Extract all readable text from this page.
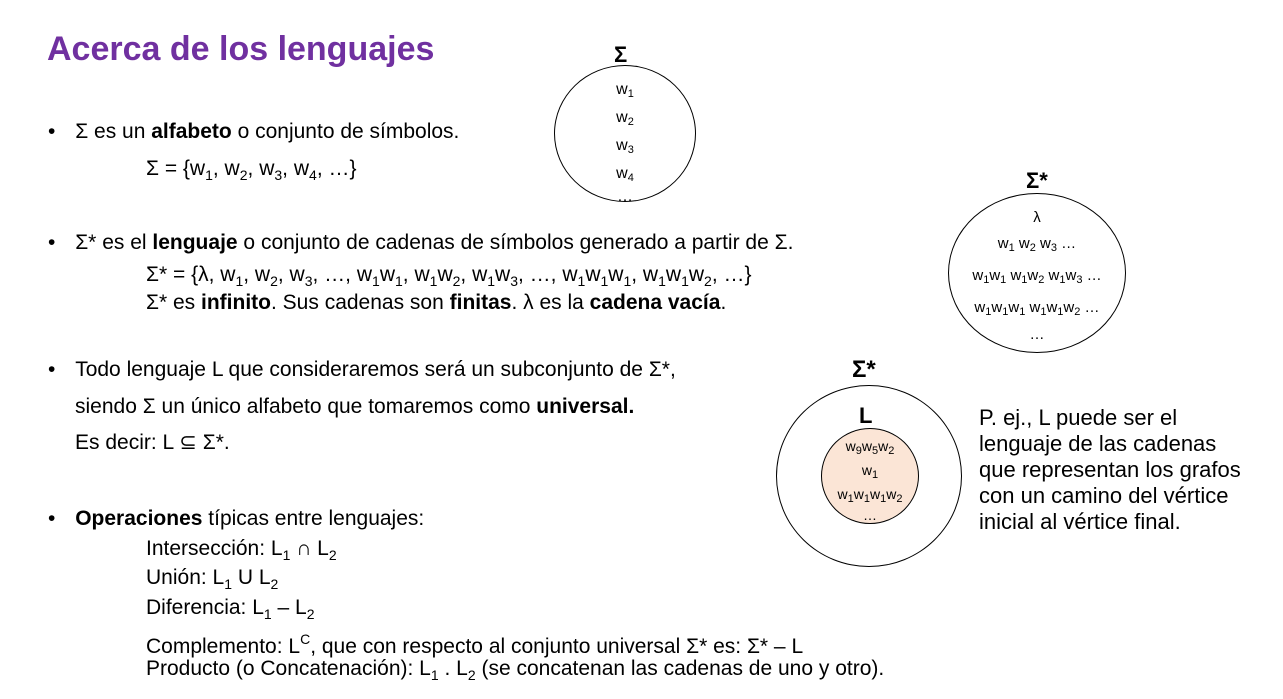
Acerca de los lenguajes
• Σ es un alfabeto o conjunto de símbolos.
$\Sigma = \{w_1$, $w_2$, $w_3$, $w_4$, …}
• Σ* es el lenguaje o conjunto de cadenas de símbolos generado a partir de Σ.
Σ* = {λ, $w_1$, $w_2$, $w_3$, …, $w_1w_1$, $w_1w_2$, $w_1w_3$, …, $w_1w_1w_1$, $w_1w_1w_2$, …}
Σ* es infinito. Sus cadenas son finitas. λ es la cadena vacía.
• Todo lenguaje L que consideraremos será un subconjunto de Σ*,
siendo Σ un único alfabeto que tomaremos como universal.
Es decir: L ⊆ Σ*.
• Operaciones típicas entre lenguajes:
Intersección: $L_1$ ∩ $L_2$
Unión: $L_1$ U $L_2$
Diferencia: $L_1 - L_2$
Complemento: $L^C$, que con respecto al conjunto universal Σ* es: Σ* – L
Producto (o Concatenación): $L_1$ . $L_2$ (se concatenan las cadenas de uno y otro).
Σ
$w_1$
$w_2$
$w_3$
$w_4$
…
Σ*
λ
$w_1$ $w_2$ $w_3$ …
$w_1w_1$ $w_1w_2$ $w_1w_3$ …
$w_1w_1w_1$ $w_1w_1w_2$ …
…
Σ*
L
$w_9w_5w_2$
$w_1$
$w_1w_1w_1w_2$
…
P. ej., L puede ser el
lenguaje de las cadenas
que representan los grafos
con un camino del vértice
inicial al vértice final.
